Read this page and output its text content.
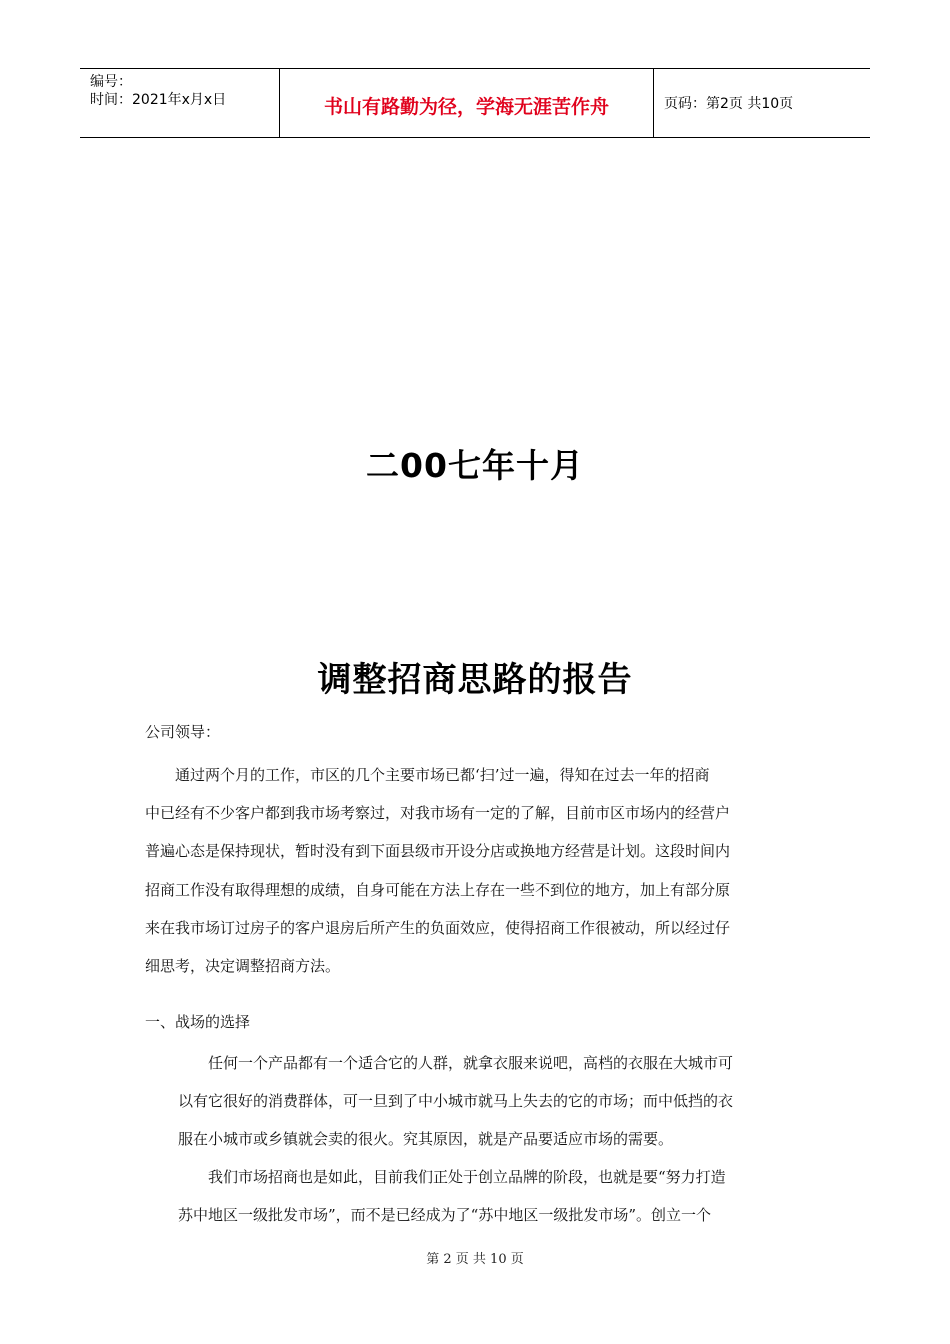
编号：
时间：2021年x月x日	书山有路勤为径，学海无涯苦作舟	页码：第2页 共10页
二00七年十月
调整招商思路的报告
公司领导：
　　通过两个月的工作，市区的几个主要市场已都‘扫’过一遍，得知在过去一年的招商
中已经有不少客户都到我市场考察过，对我市场有一定的了解，目前市区市场内的经营户
普遍心态是保持现状，暂时没有到下面县级市开设分店或换地方经营是计划。这段时间内
招商工作没有取得理想的成绩，自身可能在方法上存在一些不到位的地方，加上有部分原
来在我市场订过房子的客户退房后所产生的负面效应，使得招商工作很被动，所以经过仔
细思考，决定调整招商方法。
一、战场的选择
　　任何一个产品都有一个适合它的人群，就拿衣服来说吧，高档的衣服在大城市可
以有它很好的消费群体，可一旦到了中小城市就马上失去的它的市场；而中低挡的衣
服在小城市或乡镇就会卖的很火。究其原因，就是产品要适应市场的需要。
　　我们市场招商也是如此，目前我们正处于创立品牌的阶段，也就是要“努力打造
苏中地区一级批发市场”，而不是已经成为了“苏中地区一级批发市场”。创立一个
第 2 页 共 10 页
